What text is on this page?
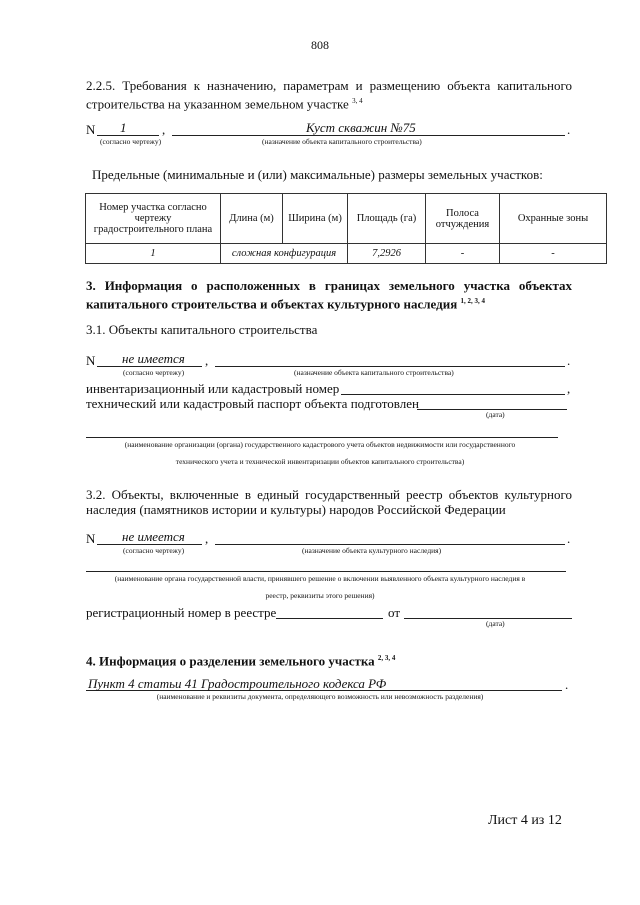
808
2.2.5. Требования к назначению, параметрам и размещению объекта капитального
строительства на указанном земельном участке $^{3, 4}$
N 1	,	Куст скважин №75	.
(согласно чертежу)	(назначение объекта капитального строительства)
Предельные (минимальные и (или) максимальные) размеры земельных участков:
Номер участка согласно чертежу градостроительного плана	Длина (м)	Ширина (м)	Площадь (га)	Полоса отчуждения	Охранные зоны
1	сложная конфигурация		7,2926	-	-
3. Информация о расположенных в границах земельного участка объектах
капитального строительства и объектах культурного наследия $^{1, 2, 3, 4}$
3.1. Объекты капитального строительства
N не имеется ,	.
(согласно чертежу)	(назначение объекта капитального строительства)
инвентаризационный или кадастровый номер	,
технический или кадастровый паспорт объекта подготовлен
(дата)
(наименование организации (органа) государственного кадастрового учета объектов недвижимости или государственного
технического учета и технической инвентаризации объектов капитального строительства)
3.2. Объекты, включенные в единый государственный реестр объектов культурного
наследия (памятников истории и культуры) народов Российской Федерации
N не имеется ,	.
(согласно чертежу)	(назначение объекта культурного наследия)
(наименование органа государственной власти, принявшего решение о включении выявленного объекта культурного наследия в
реестр, реквизиты этого решения)
регистрационный номер в реестре	от
(дата)
4. Информация о разделении земельного участка $^{2, 3, 4}$
Пункт 4 статьи 41 Градостроительного кодекса РФ	.
(наименование и реквизиты документа, определяющего возможность или невозможность разделения)
Лист 4 из 12
